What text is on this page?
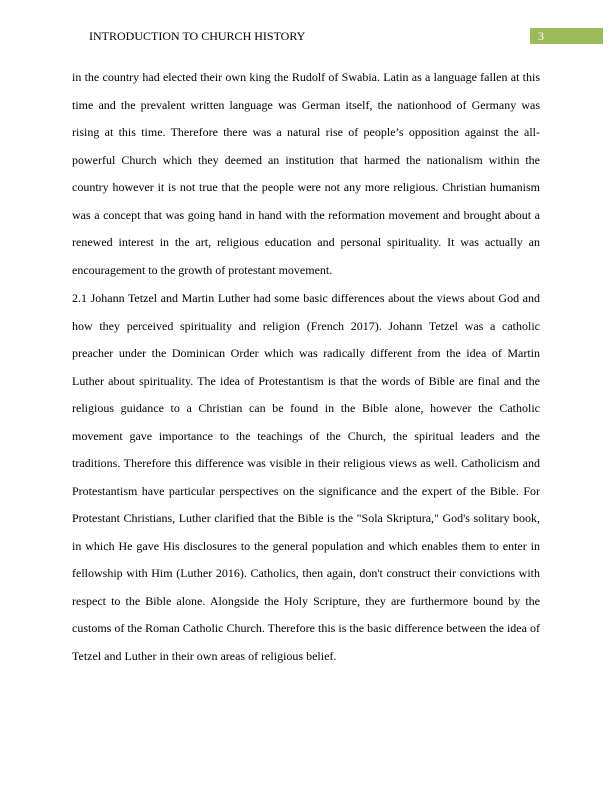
INTRODUCTION TO CHURCH HISTORY	3

in the country had elected their own king the Rudolf of Swabia. Latin as a language fallen at this time and the prevalent written language was German itself, the nationhood of Germany was rising at this time. Therefore there was a natural rise of people’s opposition against the all-powerful Church which they deemed an institution that harmed the nationalism within the country however it is not true that the people were not any more religious. Christian humanism was a concept that was going hand in hand with the reformation movement and brought about a renewed interest in the art, religious education and personal spirituality. It was actually an encouragement to the growth of protestant movement.

2.1 Johann Tetzel and Martin Luther had some basic differences about the views about God and how they perceived spirituality and religion (French 2017). Johann Tetzel was a catholic preacher under the Dominican Order which was radically different from the idea of Martin Luther about spirituality. The idea of Protestantism is that the words of Bible are final and the religious guidance to a Christian can be found in the Bible alone, however the Catholic movement gave importance to the teachings of the Church, the spiritual leaders and the traditions. Therefore this difference was visible in their religious views as well. Catholicism and Protestantism have particular perspectives on the significance and the expert of the Bible. For Protestant Christians, Luther clarified that the Bible is the "Sola Skriptura," God's solitary book, in which He gave His disclosures to the general population and which enables them to enter in fellowship with Him (Luther 2016). Catholics, then again, don't construct their convictions with respect to the Bible alone. Alongside the Holy Scripture, they are furthermore bound by the customs of the Roman Catholic Church. Therefore this is the basic difference between the idea of Tetzel and Luther in their own areas of religious belief.
